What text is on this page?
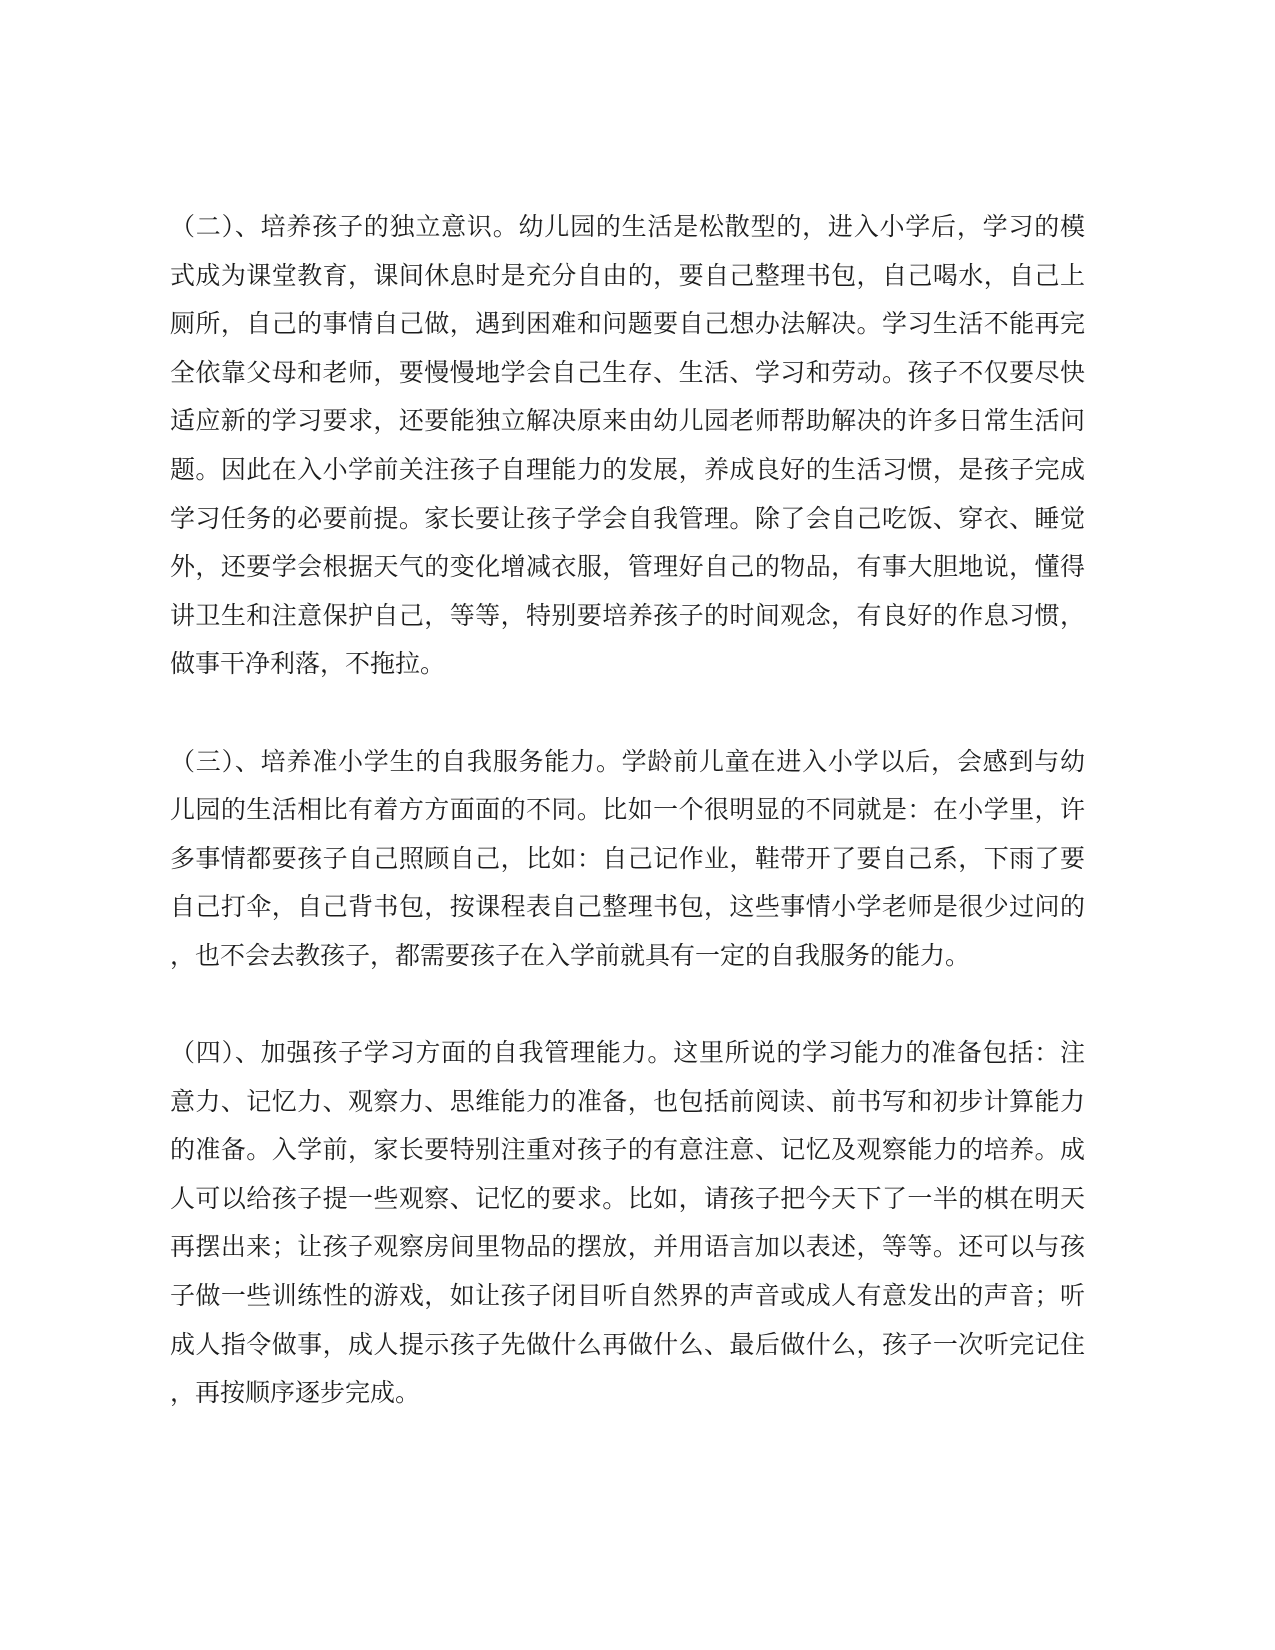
（二）、培养孩子的独立意识。幼儿园的生活是松散型的，进入小学后，学习的模
式成为课堂教育，课间休息时是充分自由的，要自己整理书包，自己喝水，自己上
厕所，自己的事情自己做，遇到困难和问题要自己想办法解决。学习生活不能再完
全依靠父母和老师，要慢慢地学会自己生存、生活、学习和劳动。孩子不仅要尽快
适应新的学习要求，还要能独立解决原来由幼儿园老师帮助解决的许多日常生活问
题。因此在入小学前关注孩子自理能力的发展，养成良好的生活习惯，是孩子完成
学习任务的必要前提。家长要让孩子学会自我管理。除了会自己吃饭、穿衣、睡觉
外，还要学会根据天气的变化增减衣服，管理好自己的物品，有事大胆地说，懂得
讲卫生和注意保护自己，等等，特别要培养孩子的时间观念，有良好的作息习惯，
做事干净利落，不拖拉。
（三）、培养准小学生的自我服务能力。学龄前儿童在进入小学以后，会感到与幼
儿园的生活相比有着方方面面的不同。比如一个很明显的不同就是：在小学里，许
多事情都要孩子自己照顾自己，比如：自己记作业，鞋带开了要自己系，下雨了要
自己打伞，自己背书包，按课程表自己整理书包，这些事情小学老师是很少过问的
，也不会去教孩子，都需要孩子在入学前就具有一定的自我服务的能力。
（四）、加强孩子学习方面的自我管理能力。这里所说的学习能力的准备包括：注
意力、记忆力、观察力、思维能力的准备，也包括前阅读、前书写和初步计算能力
的准备。入学前，家长要特别注重对孩子的有意注意、记忆及观察能力的培养。成
人可以给孩子提一些观察、记忆的要求。比如，请孩子把今天下了一半的棋在明天
再摆出来；让孩子观察房间里物品的摆放，并用语言加以表述，等等。还可以与孩
子做一些训练性的游戏，如让孩子闭目听自然界的声音或成人有意发出的声音；听
成人指令做事，成人提示孩子先做什么再做什么、最后做什么，孩子一次听完记住
，再按顺序逐步完成。
